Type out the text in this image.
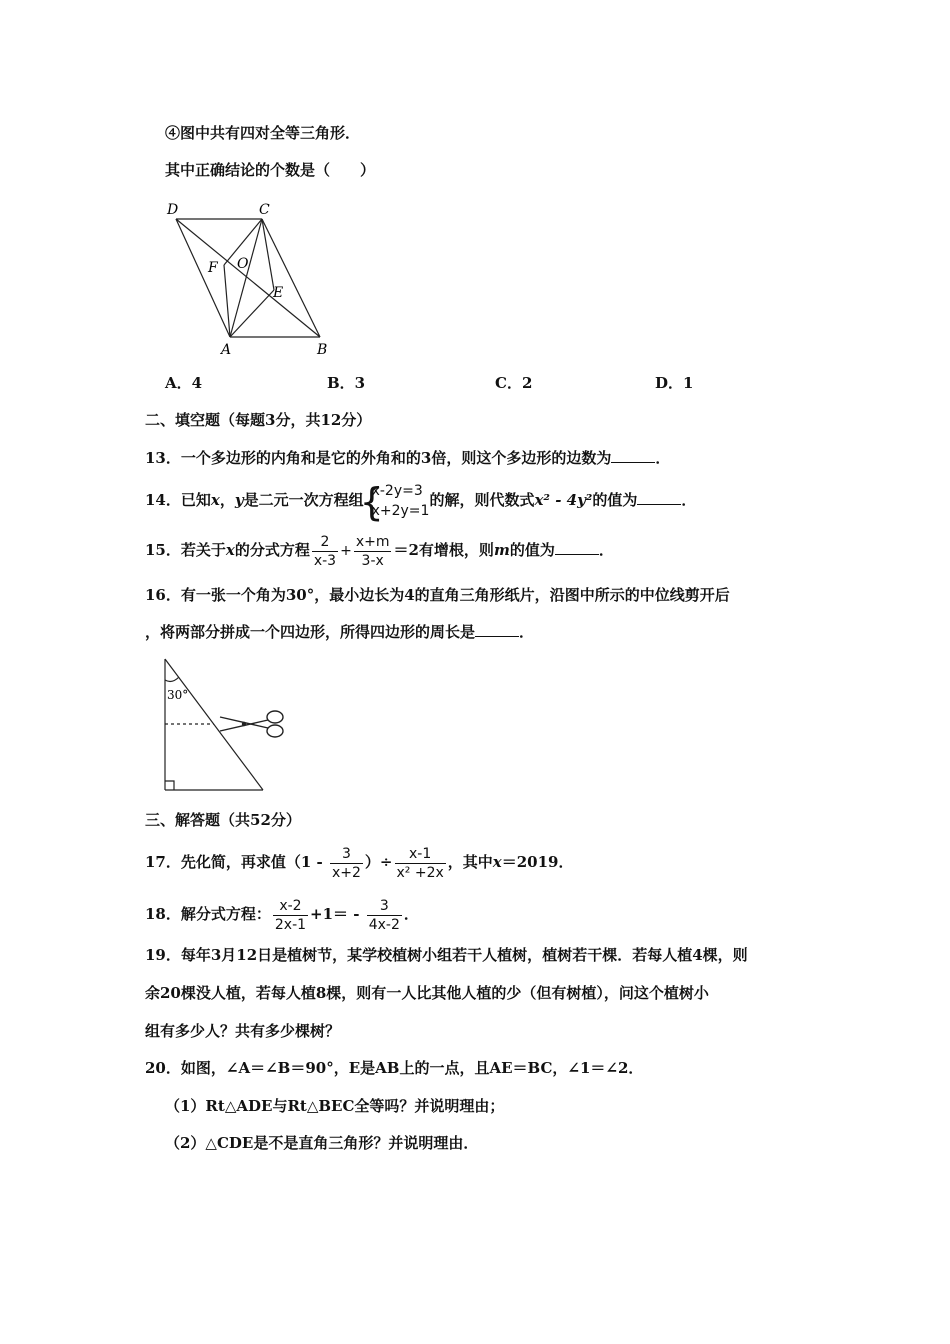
④图中共有四对全等三角形．
其中正确结论的个数是（　　）
D	C
F O
E
A	B
A．4	B．3	C．2	D．1
二、填空题（每题3分，共12分）
13．一个多边形的内角和是它的外角和的3倍，则这个多边形的边数为	．
14．已知x，y是二元一次方程组
{
x-2y=3
x+2y=1
的解，则代数式x² - 4y²的值为	．
15．若关于x的分式方程 $\frac{2}{x-3} + \frac{x+m}{3-x} =2$有增根，则m的值为	．
16．有一张一个角为30°，最小边长为4的直角三角形纸片，沿图中所示的中位线剪开后
，将两部分拼成一个四边形，所得四边形的周长是	．
30°
三、解答题（共52分）
17．先化简，再求值（$1 - \frac{3}{x+2}$ ）÷ $\frac{x-1}{\text{x² +2x}}$ ，其中x＝2019．
18．解分式方程： $\frac{x-2}{2x-1} +1= - \frac{3}{4x-2}$ ．
19．每年3月12日是植树节，某学校植树小组若干人植树，植树若干棵．若每人植4棵，则
余20棵没人植，若每人植8棵，则有一人比其他人植的少（但有树植），问这个植树小
组有多少人？共有多少棵树？
20．如图，∠A＝∠B＝90°，E是AB上的一点，且AE＝BC，∠1＝∠2．
（1）Rt△ADE与Rt△BEC全等吗？并说明理由；
（2）△CDE是不是直角三角形？并说明理由．
